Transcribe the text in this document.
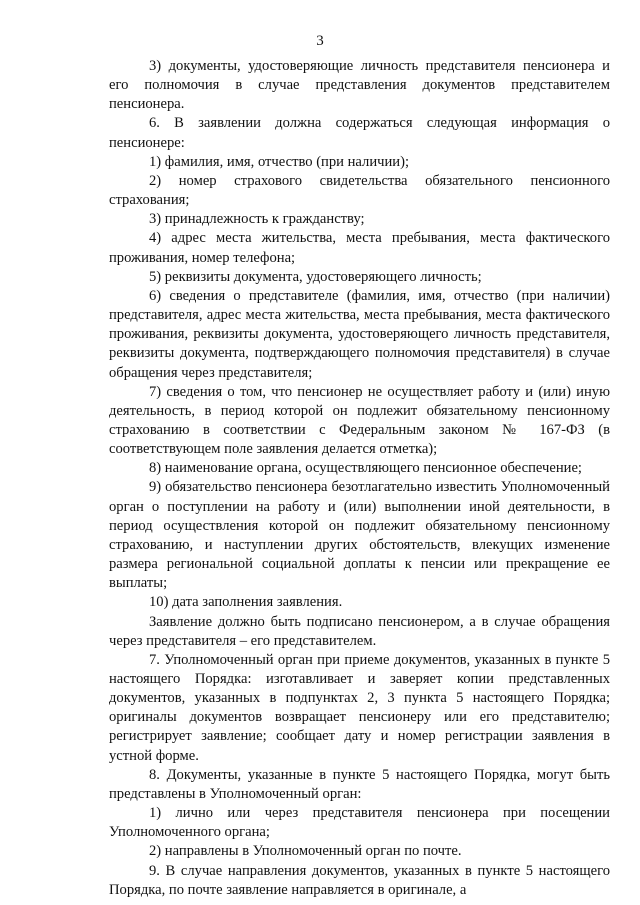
3

3) документы, удостоверяющие личность представителя пенсионера и его полномочия в случае представления документов представителем пенсионера.

6. В заявлении должна содержаться следующая информация о пенсионере:

1) фамилия, имя, отчество (при наличии);

2) номер страхового свидетельства обязательного пенсионного страхования;

3) принадлежность к гражданству;

4) адрес места жительства, места пребывания, места фактического проживания, номер телефона;

5) реквизиты документа, удостоверяющего личность;

6) сведения о представителе (фамилия, имя, отчество (при наличии) представителя, адрес места жительства, места пребывания, места фактического проживания, реквизиты документа, удостоверяющего личность представителя, реквизиты документа, подтверждающего полномочия представителя) в случае обращения через представителя;

7) сведения о том, что пенсионер не осуществляет работу и (или) иную деятельность, в период которой он подлежит обязательному пенсионному страхованию в соответствии с Федеральным законом № 167-ФЗ (в соответствующем поле заявления делается отметка);

8) наименование органа, осуществляющего пенсионное обеспечение;

9) обязательство пенсионера безотлагательно известить Уполномоченный орган о поступлении на работу и (или) выполнении иной деятельности, в период осуществления которой он подлежит обязательному пенсионному страхованию, и наступлении других обстоятельств, влекущих изменение размера региональной социальной доплаты к пенсии или прекращение ее выплаты;

10) дата заполнения заявления.

Заявление должно быть подписано пенсионером, а в случае обращения через представителя – его представителем.

7. Уполномоченный орган при приеме документов, указанных в пункте 5 настоящего Порядка: изготавливает и заверяет копии представленных документов, указанных в подпунктах 2, 3 пункта 5 настоящего Порядка; оригиналы документов возвращает пенсионеру или его представителю; регистрирует заявление; сообщает дату и номер регистрации заявления в устной форме.

8. Документы, указанные в пункте 5 настоящего Порядка, могут быть представлены в Уполномоченный орган:

1) лично или через представителя пенсионера при посещении Уполномоченного органа;

2) направлены в Уполномоченный орган по почте.

9. В случае направления документов, указанных в пункте 5 настоящего Порядка, по почте заявление направляется в оригинале, а
